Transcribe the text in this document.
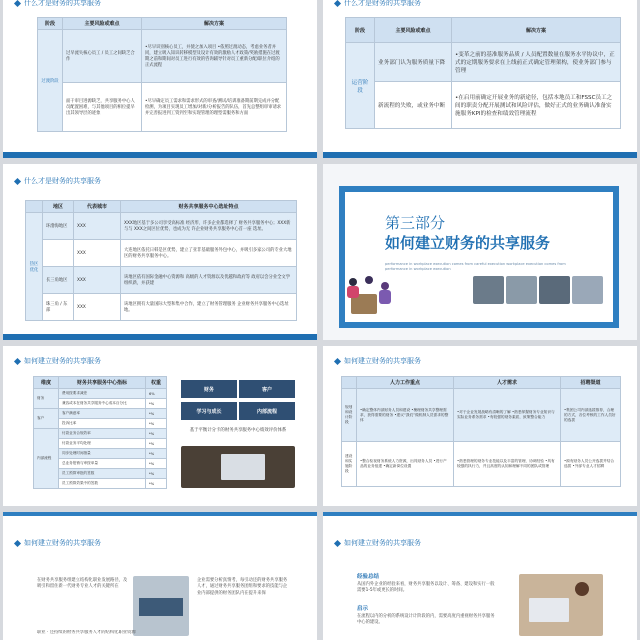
什么才是财务的共享服务
阶段	主要风险或难点	解决方案
过渡阶段	过早流失核心员工 / 员工之间缺乏合作	•尽早识别核心员工，并使之加入项目 •依照过渡动态，考虑业务者并同，建立吸入知识转移模型及设计有效的激励人才政策/奖励措施在过渡期之前和期间对员工进行有效的咨询辅导针对员工重新分配/职位介绍的正式流程
	面干审目进源缺乏，共享服务中心人员配置困难，与其他项目的相位提早出其领导层的迹象	•尽早确定员工需求和需求形式的审查/测试/培训准备期前期完成并分配检测，为项目实现员工增加/对新/分析报告的队伍，首先总整组审审请求并完善报进到工资到至和实现管理的理型需服务和方面
什么才是财务的共享服务
阶段	主要风险或难点	解决方案
运营阶段	业务部门认为服务质量下降	•变革之前的基准服务品质 / 人员配置数量在服务水平协议中，正式的定期服务要求在上线前正式确定管理架构，使业务部门参与管理
	新流程的失败，或业务中断	•在启用前确定开展业务的新途径，包括本地员工和FSSC员工之间的职责分配开展测试和风险评估，做好正式的业务确认准备实施服务KPI的检查和绩效管理流程
什么才是财务的共享服务
	地区	代表城市	财务共享服务中心选址特点
热区优化	环渤海地区	XXX	XXX地区基于多公司享受高标准 经济形、许多企业都选择了 财务共享服务中心；XXX新与与 XXX之间区位优势，也成为无 许企业财务共享服务中心首一座 选址。
		XXX	大连地区依托日韩是区优势，建立了亚非基础服务外包中心，并吸引多家公司的专业大地区的财务共享服务中心。
	长三角地区	XXX	该地区依有国际金融中心资源和 高级的人才资源以及优越和政府等 政府以会分业全文学组织新，并获建
	珠三角 / 东部	XXX	该地区拥有大量国际大型和集中合作，建立了财务管理服务 企业财务共享服务中心选址地。
第三部分
如何建立财务的共享服务
performance in workplace execution comes from careful execution workplace execution comes from performance in workplace execution
如何建立财务的共享服务
维度	财务共享服务中心指标	权重
财务	费用按要求减差	6%
	兼容或本在财务共享服务中心成本百分比	*%
客户	客户满意率	*%
	投诉比率	*%
内部流程	付款业务合规效率	*%
	付款业务平均处理	*%
	同步处理时间指量	*%
	总业务报销与审按单量	*%
	员工预算审批的签数	*%
	员工预算效果中的签数	*%
财务	客户
学习与成长	内部流程
基于平衡计分卡的财务共享服务中心绩效评价体系
如何建立财务的共享服务
	人力工作重点	人才需求	招聘渠道
规划和设计阶段	•确定整体内部财务人员和建设 •梳理财务共享整理需求，获得需要的财务 •建议“我们”做机制人员需求的整体	•对于企业发展战略有清晰的了解 •熟悉掌握财务专业知识与实际业务系务需求 •有较强的财务素质，致策整合能力	•集团公司内部选拔推荐，合理的方式，各位考核的工作人员好的选拔
建设和实施阶段	•整合检视财务系统人力资源，出具财务人员 •进行产品的业务组建 •确定新岗位设置	•熟悉管理的财务专业技能以及丰富的管理、协调经验 •具有较强的执行力，并且高度的认知和理解不同的团队或管理	•源有财务人员公开选拔并结合选拔 •外部专业人才招聘
如何建立财务的共享服务
在财务共享服务组建立结构化职业发展路径，及吸引和留住新一代财务专业人才的关键所在
企业需要分析真情考，每引动还的财务共享服务人才，通过财务共享服务团组和要求的技能与企业内部提供的财务团队内在提升来保
职业 · 还持续的财务共享服务人才的结构化职业资源
如何建立财务的共享服务
经验总结
从国内外企业的经验来看，财务共享服务以设计、筹备、建设和实行一般需要1-5年或更长的时间。
启示
在流程以内的分析的系统设计计阶段的内，需要高度内重视财务共享服务中心的建设。
